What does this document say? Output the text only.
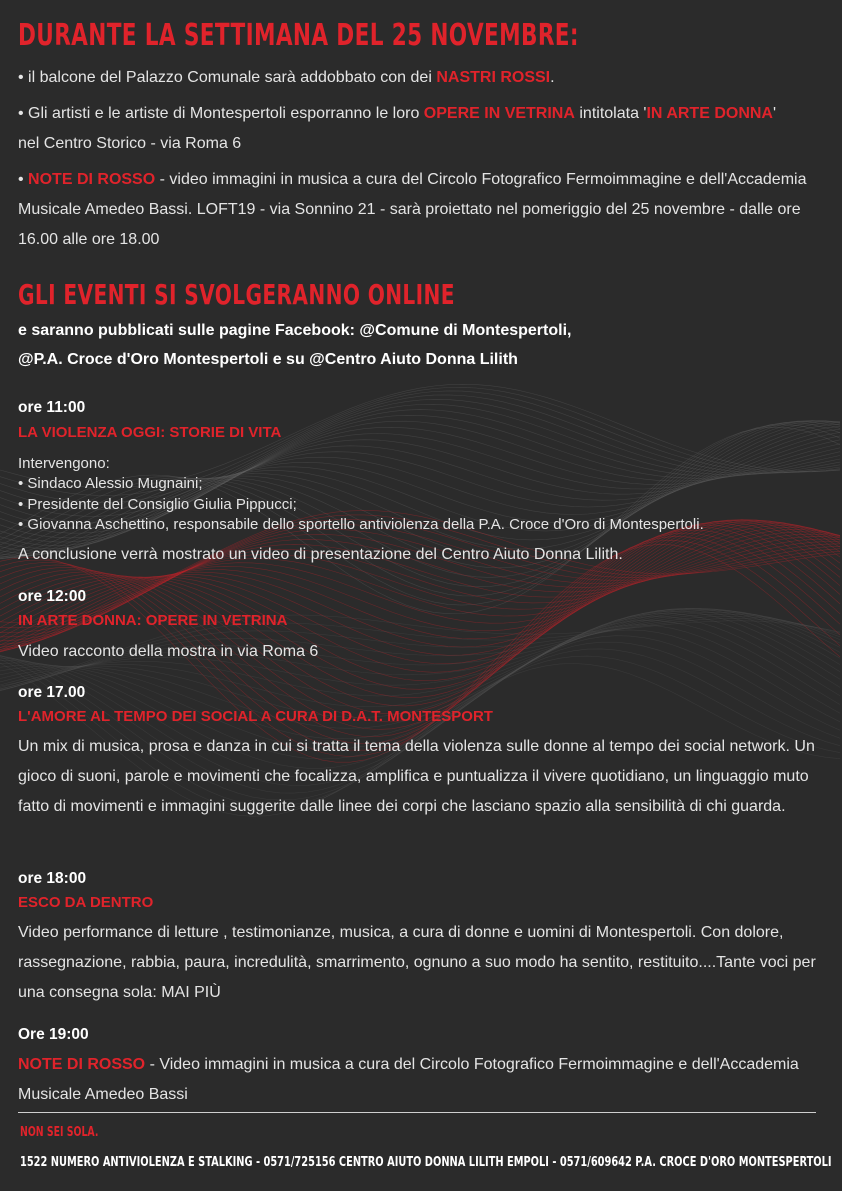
DURANTE LA SETTIMANA DEL 25 NOVEMBRE:
• il balcone del Palazzo Comunale sarà addobbato con dei NASTRI ROSSI.
• Gli artisti e le artiste di Montespertoli esporranno le loro OPERE IN VETRINA intitolata 'IN ARTE DONNA'
nel Centro Storico - via Roma 6
• NOTE DI ROSSO - video immagini in musica a cura del Circolo Fotografico Fermoimmagine e dell'Accademia Musicale Amedeo Bassi. LOFT19 - via Sonnino 21 - sarà proiettato nel pomeriggio del 25 novembre - dalle ore 16.00 alle ore 18.00
GLI EVENTI SI SVOLGERANNO ONLINE
e saranno pubblicati sulle pagine Facebook: @Comune di Montespertoli,
@P.A. Croce d'Oro Montespertoli e su @Centro Aiuto Donna Lilith
ore 11:00
LA VIOLENZA OGGI: STORIE DI VITA
Intervengono:
• Sindaco Alessio Mugnaini;
• Presidente del Consiglio Giulia Pippucci;
• Giovanna Aschettino, responsabile dello sportello antiviolenza della P.A. Croce d'Oro di Montespertoli.
A conclusione verrà mostrato un video di presentazione del Centro Aiuto Donna Lilith.
ore 12:00
IN ARTE DONNA: OPERE IN VETRINA
Video racconto della mostra in via Roma 6
ore 17.00
L'AMORE AL TEMPO DEI SOCIAL A CURA DI D.A.T. MONTESPORT
Un mix di musica, prosa e danza in cui si tratta il tema della violenza sulle donne al tempo dei social network. Un gioco di suoni, parole e movimenti che focalizza, amplifica e puntualizza il vivere quotidiano, un linguaggio muto fatto di movimenti e immagini suggerite dalle linee dei corpi che lasciano spazio alla sensibilità di chi guarda.
ore 18:00
ESCO DA DENTRO
Video performance di letture , testimonianze, musica, a cura di donne e uomini di Montespertoli. Con dolore, rassegnazione, rabbia, paura, incredulità, smarrimento, ognuno a suo modo ha sentito, restituito....Tante voci per una consegna sola: MAI PIÙ
Ore 19:00
NOTE DI ROSSO - Video immagini in musica a cura del Circolo Fotografico Fermoimmagine e dell'Accademia Musicale Amedeo Bassi
NON SEI SOLA.
1522 NUMERO ANTIVIOLENZA E STALKING - 0571/725156 CENTRO AIUTO DONNA LILITH EMPOLI - 0571/609642 P.A. CROCE D'ORO MONTESPERTOLI
